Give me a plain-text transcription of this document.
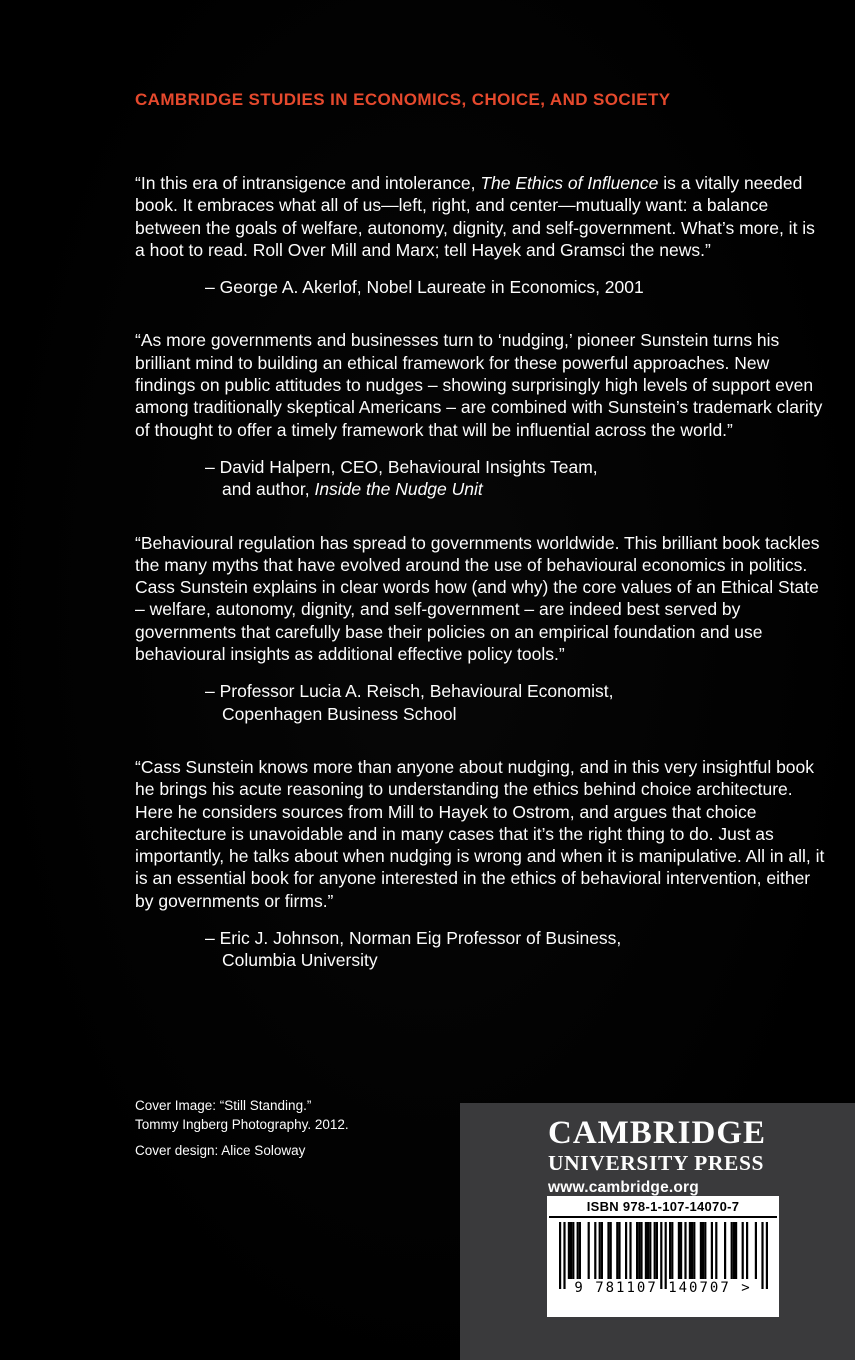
CAMBRIDGE STUDIES IN ECONOMICS, CHOICE, AND SOCIETY

“In this era of intransigence and intolerance, The Ethics of Influence is a vitally needed book. It embraces what all of us—left, right, and center—mutually want: a balance between the goals of welfare, autonomy, dignity, and self-government. What’s more, it is a hoot to read. Roll Over Mill and Marx; tell Hayek and Gramsci the news.”

– George A. Akerlof, Nobel Laureate in Economics, 2001

“As more governments and businesses turn to ‘nudging,’ pioneer Sunstein turns his brilliant mind to building an ethical framework for these powerful approaches. New findings on public attitudes to nudges – showing surprisingly high levels of support even among traditionally skeptical Americans – are combined with Sunstein’s trademark clarity of thought to offer a timely framework that will be influential across the world.”

– David Halpern, CEO, Behavioural Insights Team,
and author, Inside the Nudge Unit

“Behavioural regulation has spread to governments worldwide. This brilliant book tackles the many myths that have evolved around the use of behavioural economics in politics. Cass Sunstein explains in clear words how (and why) the core values of an Ethical State – welfare, autonomy, dignity, and self-government – are indeed best served by governments that carefully base their policies on an empirical foundation and use behavioural insights as additional effective policy tools.”

– Professor Lucia A. Reisch, Behavioural Economist,
Copenhagen Business School

“Cass Sunstein knows more than anyone about nudging, and in this very insightful book he brings his acute reasoning to understanding the ethics behind choice architecture. Here he considers sources from Mill to Hayek to Ostrom, and argues that choice architecture is unavoidable and in many cases that it’s the right thing to do. Just as importantly, he talks about when nudging is wrong and when it is manipulative. All in all, it is an essential book for anyone interested in the ethics of behavioral intervention, either by governments or firms.”

– Eric J. Johnson, Norman Eig Professor of Business,
Columbia University
Cover Image: “Still Standing.”
Tommy Ingberg Photography. 2012.
Cover design: Alice Soloway	CAMBRIDGE
UNIVERSITY PRESS
www.cambridge.org
ISBN 978-1-107-14070-7
9 781107 140707 >
